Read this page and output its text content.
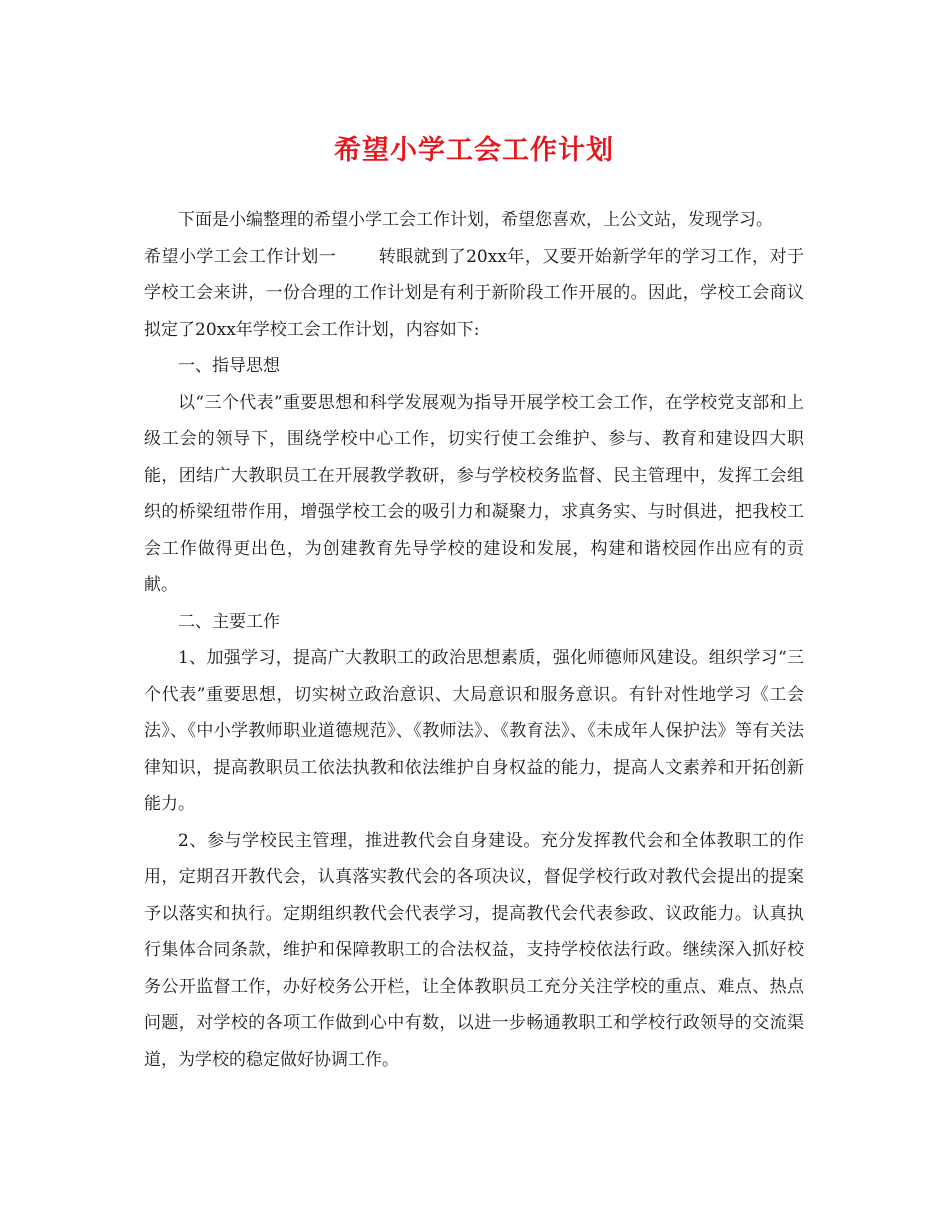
希望小学工会工作计划

下面是小编整理的希望小学工会工作计划，希望您喜欢，上公文站，发现学习。

希望小学工会工作计划一 转眼就到了20xx年，又要开始新学年的学习工作，对于学校工会来讲，一份合理的工作计划是有利于新阶段工作开展的。因此，学校工会商议拟定了20xx年学校工会工作计划，内容如下:

一、指导思想

以“三个代表”重要思想和科学发展观为指导开展学校工会工作，在学校党支部和上级工会的领导下，围绕学校中心工作，切实行使工会维护、参与、教育和建设四大职能，团结广大教职员工在开展教学教研，参与学校校务监督、民主管理中，发挥工会组织的桥梁纽带作用，增强学校工会的吸引力和凝聚力，求真务实、与时俱进，把我校工会工作做得更出色，为创建教育先导学校的建设和发展，构建和谐校园作出应有的贡献。

二、主要工作

1、加强学习，提高广大教职工的政治思想素质，强化师德师风建设。组织学习“三个代表”重要思想，切实树立政治意识、大局意识和服务意识。有针对性地学习《工会法》、《中小学教师职业道德规范》、《教师法》、《教育法》、《未成年人保护法》等有关法律知识，提高教职员工依法执教和依法维护自身权益的能力，提高人文素养和开拓创新能力。

2、参与学校民主管理，推进教代会自身建设。充分发挥教代会和全体教职工的作用，定期召开教代会，认真落实教代会的各项决议，督促学校行政对教代会提出的提案予以落实和执行。定期组织教代会代表学习，提高教代会代表参政、议政能力。认真执行集体合同条款，维护和保障教职工的合法权益，支持学校依法行政。继续深入抓好校务公开监督工作，办好校务公开栏，让全体教职员工充分关注学校的重点、难点、热点问题，对学校的各项工作做到心中有数，以进一步畅通教职工和学校行政领导的交流渠道，为学校的稳定做好协调工作。
